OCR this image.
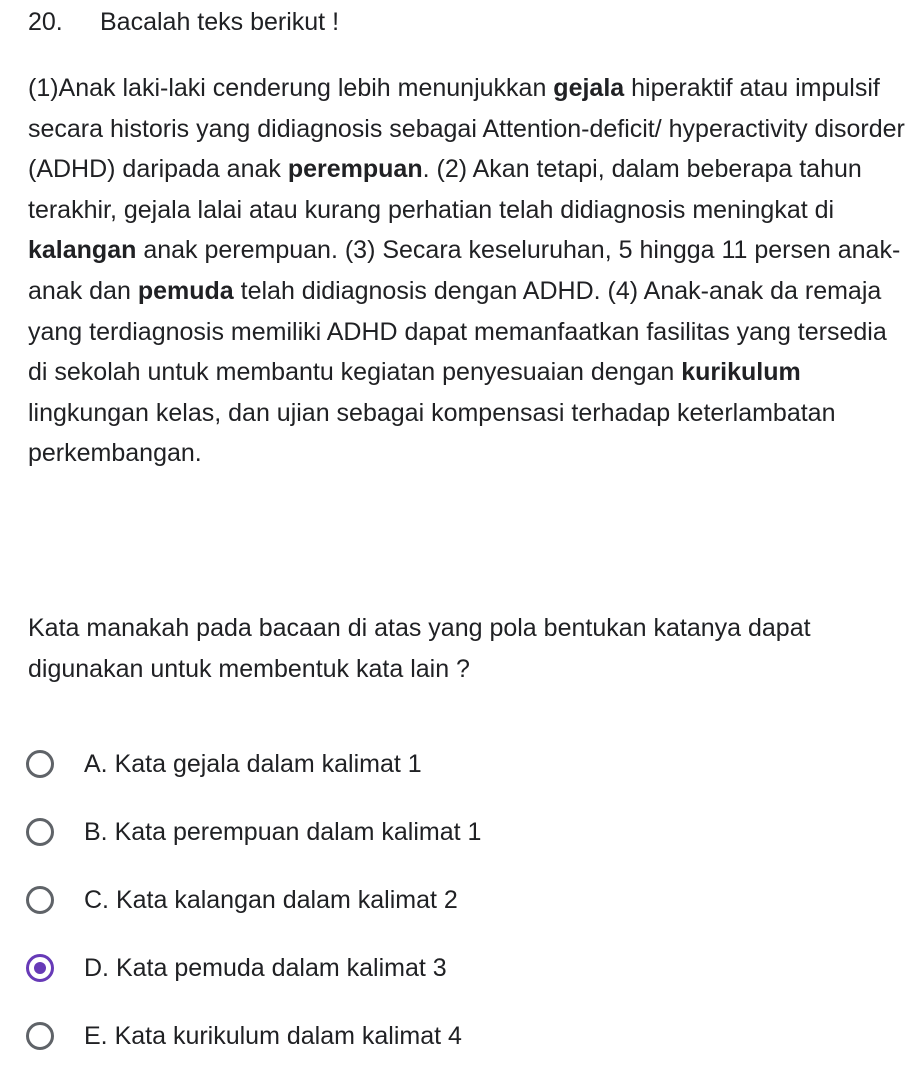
20. Bacalah teks berikut !

(1)Anak laki-laki cenderung lebih menunjukkan gejala hiperaktif atau impulsif secara historis yang didiagnosis sebagai Attention-deficit/ hyperactivity disorder (ADHD) daripada anak perempuan. (2) Akan tetapi, dalam beberapa tahun terakhir, gejala lalai atau kurang perhatian telah didiagnosis meningkat di kalangan anak perempuan. (3) Secara keseluruhan, 5 hingga 11 persen anak-anak dan pemuda telah didiagnosis dengan ADHD. (4) Anak-anak da remaja yang terdiagnosis memiliki ADHD dapat memanfaatkan fasilitas yang tersedia di sekolah untuk membantu kegiatan penyesuaian dengan kurikulum lingkungan kelas, dan ujian sebagai kompensasi terhadap keterlambatan perkembangan.

Kata manakah pada bacaan di atas yang pola bentukan katanya dapat digunakan untuk membentuk kata lain ?

A. Kata gejala dalam kalimat 1
B. Kata perempuan dalam kalimat 1
C. Kata kalangan dalam kalimat 2
D. Kata pemuda dalam kalimat 3
E. Kata kurikulum dalam kalimat 4
